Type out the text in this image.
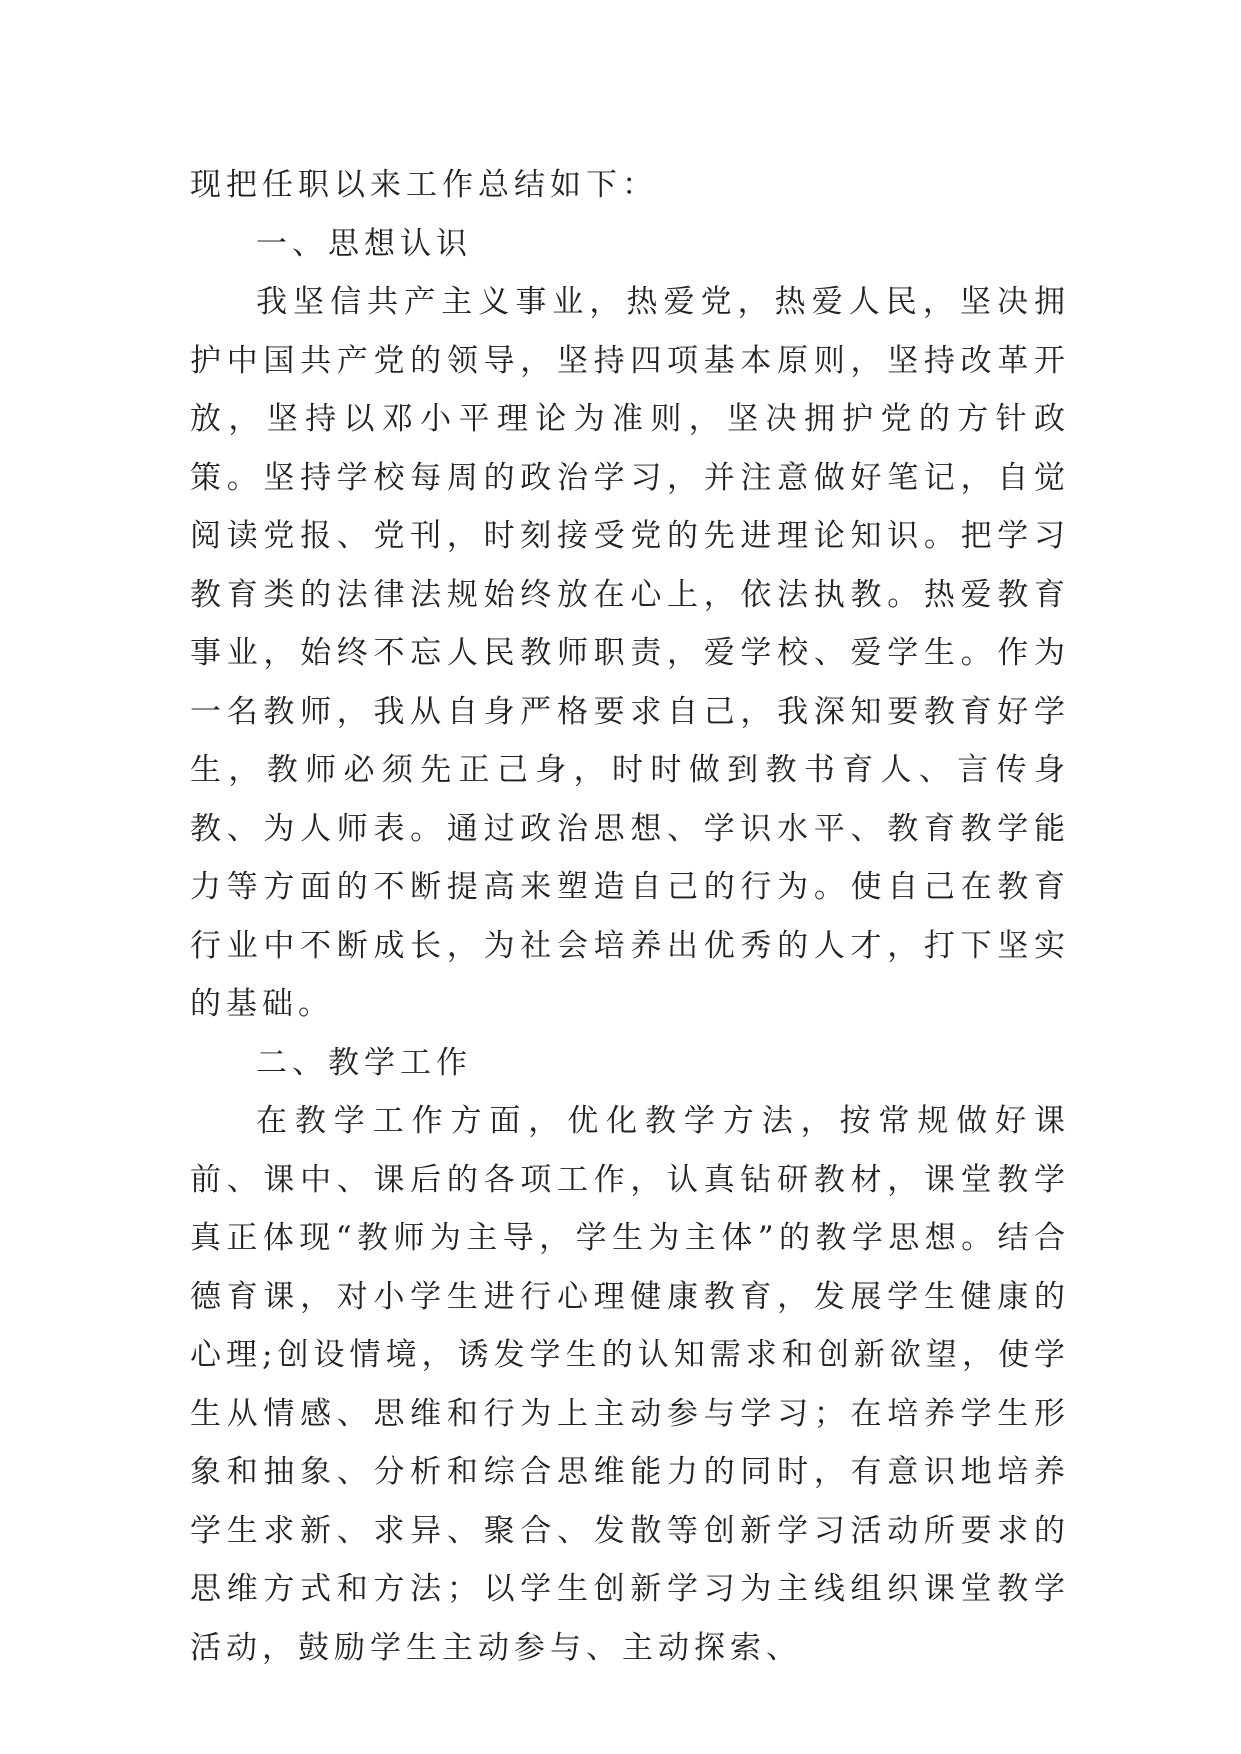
现把任职以来工作总结如下：

一、思想认识

我坚信共产主义事业，热爱党，热爱人民，坚决拥护中国共产党的领导，坚持四项基本原则，坚持改革开放，坚持以邓小平理论为准则，坚决拥护党的方针政策。坚持学校每周的政治学习，并注意做好笔记，自觉阅读党报、党刊，时刻接受党的先进理论知识。把学习教育类的法律法规始终放在心上，依法执教。热爱教育事业，始终不忘人民教师职责，爱学校、爱学生。作为一名教师，我从自身严格要求自己，我深知要教育好学生，教师必须先正己身，时时做到教书育人、言传身教、为人师表。通过政治思想、学识水平、教育教学能力等方面的不断提高来塑造自己的行为。使自己在教育行业中不断成长，为社会培养出优秀的人才，打下坚实的基础。

二、教学工作

在教学工作方面，优化教学方法，按常规做好课前、课中、课后的各项工作，认真钻研教材，课堂教学真正体现“教师为主导，学生为主体”的教学思想。结合德育课，对小学生进行心理健康教育，发展学生健康的心理;创设情境，诱发学生的认知需求和创新欲望，使学生从情感、思维和行为上主动参与学习；在培养学生形象和抽象、分析和综合思维能力的同时，有意识地培养学生求新、求异、聚合、发散等创新学习活动所要求的思维方式和方法；以学生创新学习为主线组织课堂教学活动，鼓励学生主动参与、主动探索、
